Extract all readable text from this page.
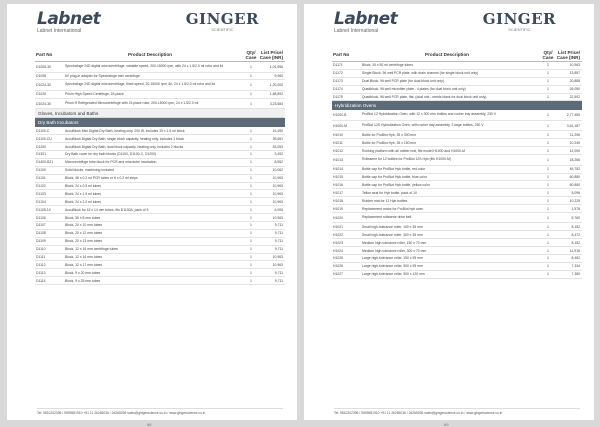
Labnet
Labnet International
GINGER
SCIENTIFIC
Part No	Product Description	Qty/ Case
List Price/ Case (INR)
D1008-30	Spectrafuge 24D digital microcentrifuge, variable speed, 200-15000 rpm, with 24 x 1.5/2.0 ml rotor and lid	1	1,01,556
D1008	6V plug-in adapter for Spectrafuge mini centrifuge	1	9,960
D1024-30	Spectrafuge 24D digital microcentrifuge, fixed speed, 20-15000 rpm, 8x, 24 x 1.5/2.0 ml rotor and lid	1	1,20,000
D1026	Prism High Speed Centrifuge, 24 place	1	1,68,892
D1024-30	Prism R Refrigerated Microcentrifuge with 24 place rotor, 200-15000 rpm, 24 x 1.5/2.0 ml	1	3,23,684
Gloves, Incubators and Baths
Dry Bath Incubators
D1100-C	AccuBlock Mini Digital Dry Bath, heating only, 200 W, includes 15 x 1.5 ml block	1	16,450
D1100-CU	AccuBlock Digital Dry Bath, single block capacity, heating only, includes 1 block	1	39,651
D1200	AccuBlock Digital Dry Bath, dual block capacity, heating only, includes 2 blocks	1	53,053
D1301	Dry Bath cover for dry bath blocks (D1100, D1100-C, D1200)	1	3,492
D1400-B21	Microcentrifuge tube block for PCR and microtube incubation	1	8,552
D1100	Solid blocks, machining included	1	10,062
D1101	Block, 48 x 0.2 ml PCR tubes or 6 x 0.2 ml strips	1	10,963
D1102	Block, 24 x 0.5 ml tubes	1	10,963
D1103	Block, 24 x 1.5 ml tubes	1	10,963
D1104	Block, 24 x 2.0 ml tubes	1	10,963
D1105-14	AccuBlock for 15 x 14 mm tubes, fits D1100A, pack of 3	1	6,006
D1106	Block, 35 x 8 mm tubes	1	10,963
D1107	Block, 20 x 10 mm tubes	1	9,711
D1108	Block, 20 x 12 mm tubes	1	9,711
D1109	Block, 20 x 13 mm tubes	1	9,711
D1110	Block, 12 x 16 mm centrifuge tubes	1	9,711
D1111	Block, 12 x 16 mm tubes	1	10,963
D1112	Block, 12 x 17 mm tubes	1	10,963
D1113	Block, 9 x 20 mm tubes	1	9,711
D1114	Block, 9 x 25 mm tubes	1	9,711
Tel: 9810202396 / 9599581910 +91 11 26265036 / 26265036 sales@gingerscience.co.in / www.gingerscience.co.in
68
Labnet
Labnet International
GINGER
SCIENTIFIC
Part No	Product Description	Qty/ Case
List Price/ Case (INR)
D1171	Block, 15 x 50 ml centrifuge tubes	1	10,963
D1172	Single Block, 96 well PCR plate, with drain channel (for single block unit only)	1	13,897
D1173	Dual Block, 96 well PCR plate (for dual block unit only)	1	20,888
D1174	Quadblock, 96 well microtiter plate - 4 plates (for dual block unit only)	1	26,050
D1175	Quadblock, 96 well PCR plate, flat, (dual unit - needs blank for dual block unit only)	1	22,502
Hybridization Ovens
H1000-B	ProBlot 12 Hybridization Oven, with 12 x 300 mm bottles and rocker tray assembly, 230 V	1	2,77,455
H1000-M	ProBlot 12S Hybridization Oven, with rocker tray assembly, 2 large bottles, 230 V	1	3,61,187
H1010	Bottle for ProBlot Hyb, 35 x 300 mm	1	11,296
H1011	Bottle for ProBlot Hyb, 35 x 150 mm	1	10,245
H1012	Rocking platform with all rubber mat, fits model H1000 and H1000-M	1	12,000
H1013	Rotisserie for 12 bottles for ProBlot 12S Hyb (fits H1000-M)	1	18,266
H1014	Bottle cap for ProBlot Hyb bottle, red color	1	49,752
H1015	Bottle cap for ProBlot Hyb bottle, blue color	1	60,880
H1016	Bottle cap for ProBlot Hyb bottle, yellow color	1	60,880
H1017	Teflon seal for Hyb bottle, pack of 10	1	5,096
H1018	Rubber mat for 12 Hyb bottles	1	10,229
H1019	Replacement motor for ProBlot hyb oven	1	1,578
H1020	Replacement rotisserie drive belt	1	5,760
H1021	Small high-tolerance roller, 150 x 35 mm	1	8,152
H1022	Small high-tolerance roller, 300 x 35 mm	1	8,472
H1023	Medium high-tolerance roller, 150 x 70 mm	1	8,152
H1024	Medium high-tolerance roller, 300 x 70 mm	1	11,918
H1025	Large high-tolerance roller, 150 x 95 mm	1	8,482
H1026	Large high-tolerance roller, 300 x 95 mm	1	7,334
H1027	Large high-tolerance roller, 300 x 120 mm	1	7,380
Tel: 9810202396 / 9599581910 +91 11 26265036 / 26265036 sales@gingerscience.co.in / www.gingerscience.co.in
69
